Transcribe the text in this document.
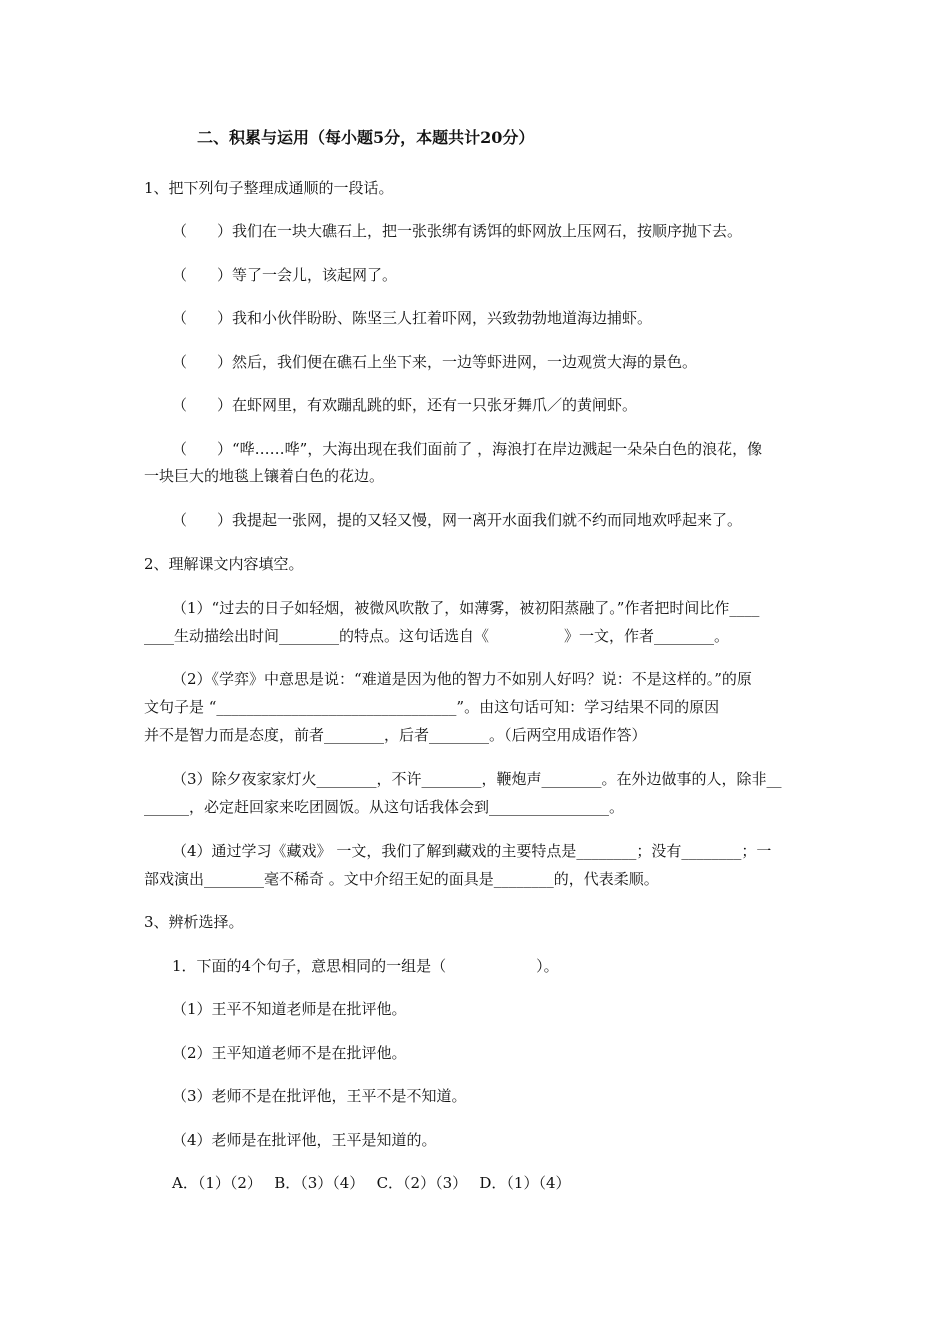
二、积累与运用（每小题5分，本题共计20分）
1、把下列句子整理成通顺的一段话。
（　　）我们在一块大礁石上，把一张张绑有诱饵的虾网放上压网石，按顺序抛下去。
（　　）等了一会儿，该起网了。
（　　）我和小伙伴盼盼、陈坚三人扛着吓网，兴致勃勃地道海边捕虾。
（　　）然后，我们便在礁石上坐下来，一边等虾进网，一边观赏大海的景色。
（　　）在虾网里，有欢蹦乱跳的虾，还有一只张牙舞爪／的黄闸虾。
（　　）“哗……哗”，大海出现在我们面前了 ，海浪打在岸边溅起一朵朵白色的浪花，像
一块巨大的地毯上镶着白色的花边。
（　　）我提起一张网，提的又轻又慢，网一离开水面我们就不约而同地欢呼起来了。
2、理解课文内容填空。
（1）“过去的日子如轻烟，被微风吹散了，如薄雾，被初阳蒸融了。”作者把时间比作____
____生动描绘出时间________的特点。这句话选自《　　　　　》一文，作者________。
（2）《学弈》中意思是说：“难道是因为他的智力不如别人好吗？说：不是这样的。”的原
文句子是 “________________________________”。由这句话可知：学习结果不同的原因
并不是智力而是态度，前者________，后者________。（后两空用成语作答）
（3）除夕夜家家灯火________，不许________，鞭炮声________。在外边做事的人，除非__
______，必定赶回家来吃团圆饭。从这句话我体会到________________。
（4）通过学习《藏戏》 一文，我们了解到藏戏的主要特点是________；没有________；一
部戏演出________毫不稀奇 。文中介绍王妃的面具是________的，代表柔顺。
3、辨析选择。
1．下面的4个句子，意思相同的一组是（　　　　　　）。
（1）王平不知道老师是在批评他。
（2）王平知道老师不是在批评他。
（3）老师不是在批评他，王平不是不知道。
（4）老师是在批评他，王平是知道的。
A．（1）（2）　 B．（3）（4）　 C．（2）（3）　 D．（1）（4）
